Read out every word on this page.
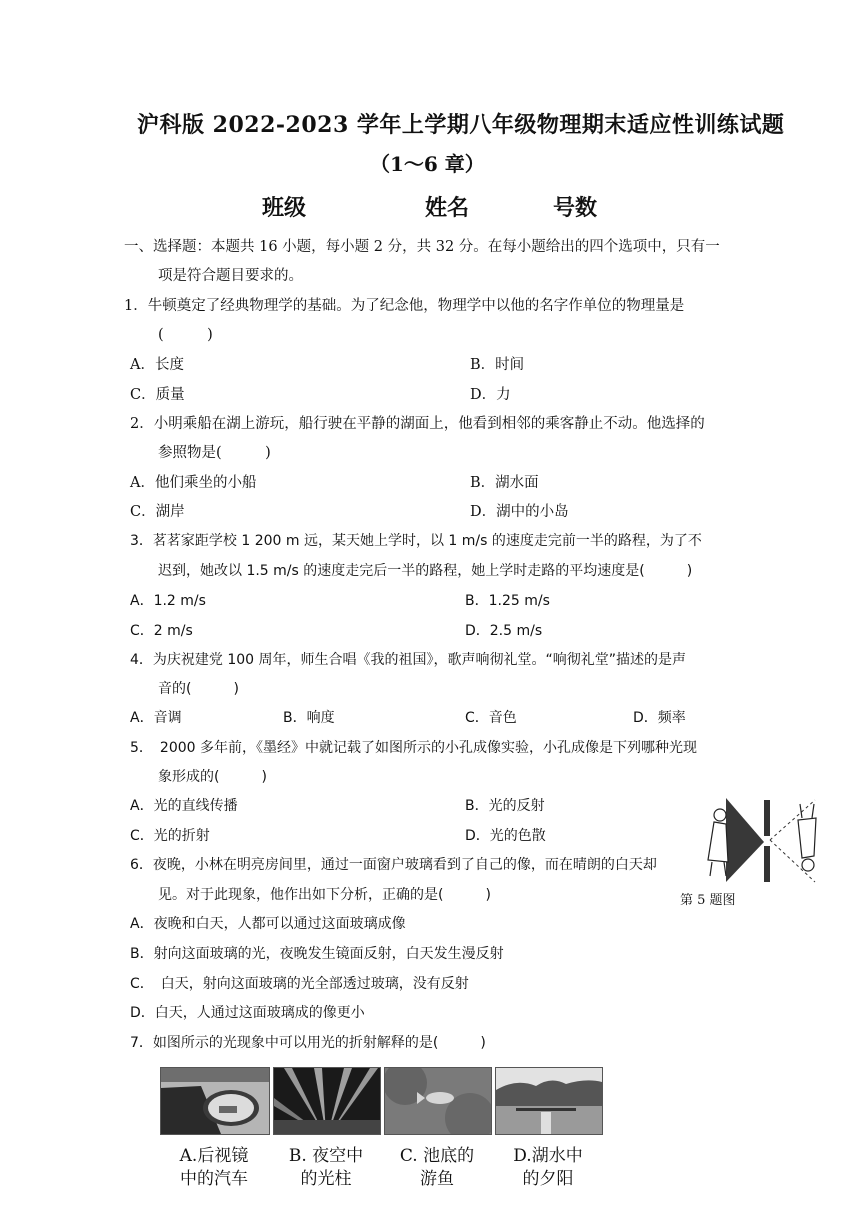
沪科版 2022-2023 学年上学期八年级物理期末适应性训练试题
（1～6 章）
班级	姓名	号数
一、选择题：本题共 16 小题，每小题 2 分，共 32 分。在每小题给出的四个选项中，只有一
项是符合题目要求的。
1．牛顿奠定了经典物理学的基础。为了纪念他，物理学中以他的名字作单位的物理量是
(　　　)
A．长度	B．时间
C．质量	D．力
2．小明乘船在湖上游玩，船行驶在平静的湖面上，他看到相邻的乘客静止不动。他选择的
参照物是(　　　)
A．他们乘坐的小船	B．湖水面
C．湖岸	D．湖中的小岛
3．茗茗家距学校 1 200 m 远，某天她上学时，以 1 m/s 的速度走完前一半的路程，为了不
迟到，她改以 1.5 m/s 的速度走完后一半的路程，她上学时走路的平均速度是(　　　)
A．1.2 m/s	B．1.25 m/s
C．2 m/s	D．2.5 m/s
4．为庆祝建党 100 周年，师生合唱《我的祖国》，歌声响彻礼堂。“响彻礼堂”描述的是声
音的(　　　)
A．音调	B．响度	C．音色	D．频率
5．　2000 多年前，《墨经》中就记载了如图所示的小孔成像实验，小孔成像是下列哪种光现
象形成的(　　　)
A．光的直线传播	B．光的反射
C．光的折射	D．光的色散
6．夜晚，小林在明亮房间里，通过一面窗户玻璃看到了自己的像，而在晴朗的白天却
见。对于此现象，他作出如下分析，正确的是(　　　)
A．夜晚和白天，人都可以通过这面玻璃成像
B．射向这面玻璃的光，夜晚发生镜面反射，白天发生漫反射
C．　白天，射向这面玻璃的光全部透过玻璃，没有反射
D．白天，人通过这面玻璃成的像更小
7．如图所示的光现象中可以用光的折射解释的是(　　　)
第 5 题图
A.后视镜
中的汽车
B. 夜空中
的光柱
C. 池底的
游鱼
D.湖水中
的夕阳
